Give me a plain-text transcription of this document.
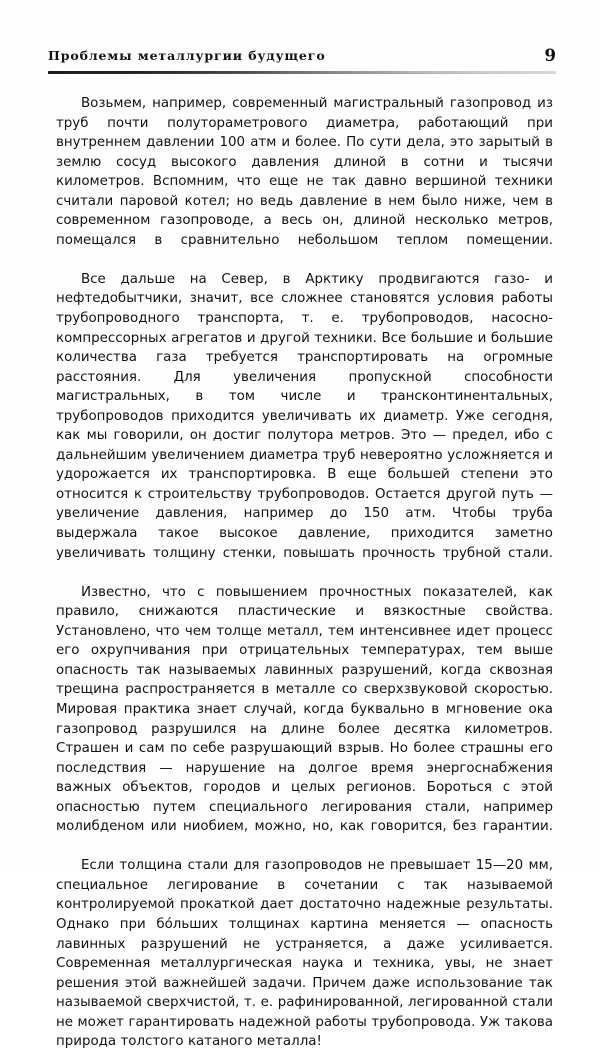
Проблемы металлургии будущего	9

Возьмем, например, современный магистральный газопровод из труб почти полутораметрового диаметра, работающий при внутреннем давлении 100 атм и более. По сути дела, это зарытый в землю сосуд высокого давления длиной в сотни и тысячи километров. Вспомним, что еще не так давно вершиной техники считали паровой котел; но ведь давление в нем было ниже, чем в современном газопроводе, а весь он, длиной несколько метров, помещался в сравнительно небольшом теплом помещении.

Все дальше на Север, в Арктику продвигаются газо- и нефтедобытчики, значит, все сложнее становятся условия работы трубопроводного транспорта, т. е. трубопроводов, насосно-компрессорных агрегатов и другой техники. Все большие и большие количества газа требуется транспортировать на огромные расстояния. Для увеличения пропускной способности магистральных, в том числе и трансконтинентальных, трубопроводов приходится увеличивать их диаметр. Уже сегодня, как мы говорили, он достиг полутора метров. Это — предел, ибо с дальнейшим увеличением диаметра труб невероятно усложняется и удорожается их транспортировка. В еще большей степени это относится к строительству трубопроводов. Остается другой путь — увеличение давления, например до 150 атм. Чтобы труба выдержала такое высокое давление, приходится заметно увеличивать толщину стенки, повышать прочность трубной стали.

Известно, что с повышением прочностных показателей, как правило, снижаются пластические и вязкостные свойства. Установлено, что чем толще металл, тем интенсивнее идет процесс его охрупчивания при отрицательных температурах, тем выше опасность так называемых лавинных разрушений, когда сквозная трещина распространяется в металле со сверхзвуковой скоростью. Мировая практика знает случай, когда буквально в мгновение ока газопровод разрушился на длине более десятка километров. Страшен и сам по себе разрушающий взрыв. Но более страшны его последствия — нарушение на долгое время энергоснабжения важных объектов, городов и целых регионов. Бороться с этой опасностью путем специального легирования стали, например молибденом или ниобием, можно, но, как говорится, без гарантии.

Если толщина стали для газопроводов не превышает 15—20 мм, специальное легирование в сочетании с так называемой контролируемой прокаткой дает достаточно надежные результаты. Однако при бо́льших толщинах картина меняется — опасность лавинных разрушений не устраняется, а даже усиливается. Современная металлургическая наука и техника, увы, не знает решения этой важнейшей задачи. Причем даже использование так называемой сверхчистой, т. е. рафинированной, легированной стали не может гарантировать надежной работы трубопровода. Уж такова природа толстого катаного металла!
